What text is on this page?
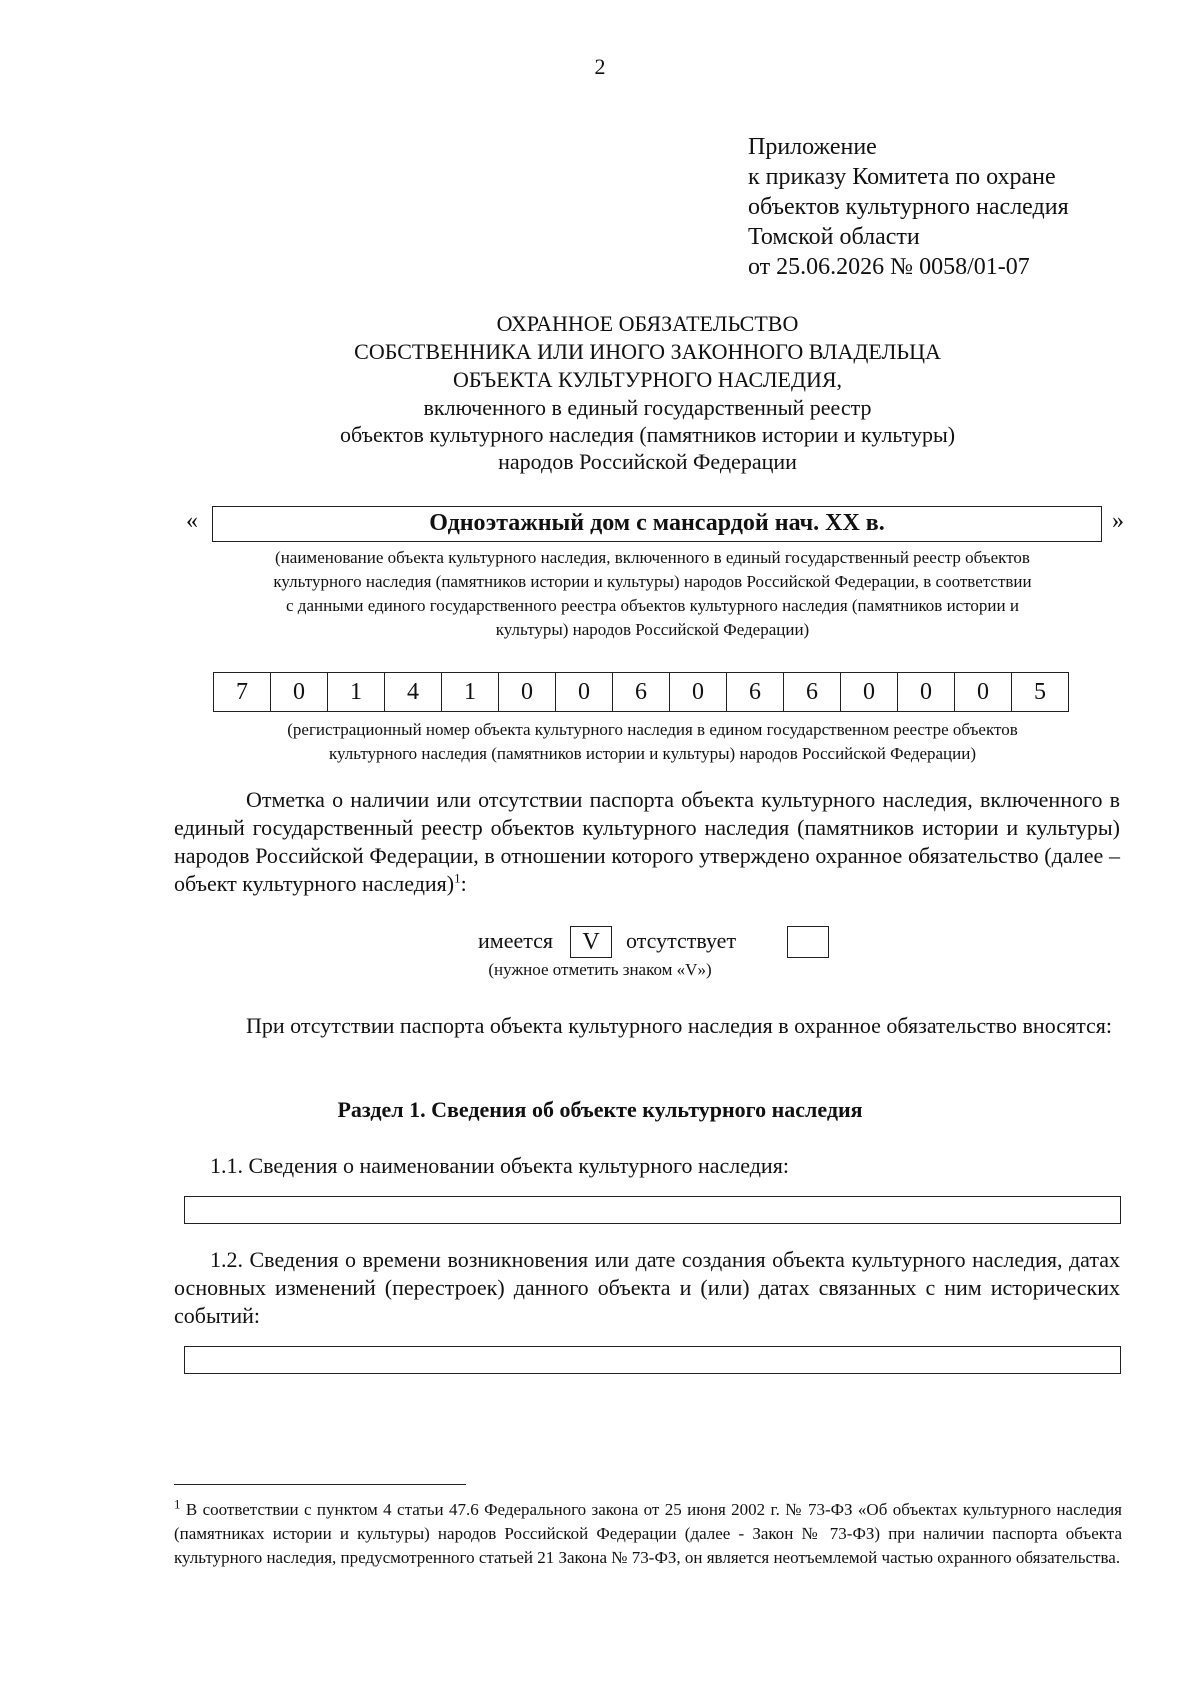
2
Приложение
к приказу Комитета по охране
объектов культурного наследия
Томской области
от 25.06.2026 № 0058/01-07
ОХРАННОЕ ОБЯЗАТЕЛЬСТВО
СОБСТВЕННИКА ИЛИ ИНОГО ЗАКОННОГО ВЛАДЕЛЬЦА
ОБЪЕКТА КУЛЬТУРНОГО НАСЛЕДИЯ,
включенного в единый государственный реестр
объектов культурного наследия (памятников истории и культуры)
народов Российской Федерации
«	Одноэтажный дом с мансардой нач. XX в.	»
(наименование объекта культурного наследия, включенного в единый государственный реестр объектов
культурного наследия (памятников истории и культуры) народов Российской Федерации, в соответствии
с данными единого государственного реестра объектов культурного наследия (памятников истории и
культуры) народов Российской Федерации)
7	0	1	4	1	0	0	6	0	6	6	0	0	0	5
(регистрационный номер объекта культурного наследия в едином государственном реестре объектов
культурного наследия (памятников истории и культуры) народов Российской Федерации)
Отметка о наличии или отсутствии паспорта объекта культурного наследия, включенного в единый государственный реестр объектов культурного наследия (памятников истории и культуры) народов Российской Федерации, в отношении которого утверждено охранное обязательство (далее – объект культурного наследия)$^1$:
имеется	V	отсутствует
(нужное отметить знаком «V»)
При отсутствии паспорта объекта культурного наследия в охранное обязательство вносятся:
Раздел 1. Сведения об объекте культурного наследия
1.1. Сведения о наименовании объекта культурного наследия:
1.2. Сведения о времени возникновения или дате создания объекта культурного наследия, датах основных изменений (перестроек) данного объекта и (или) датах связанных с ним исторических событий:
$^1$ В соответствии с пунктом 4 статьи 47.6 Федерального закона от 25 июня 2002 г. № 73-ФЗ «Об объектах культурного наследия (памятниках истории и культуры) народов Российской Федерации (далее - Закон № 73-ФЗ) при наличии паспорта объекта культурного наследия, предусмотренного статьей 21 Закона № 73-ФЗ, он является неотъемлемой частью охранного обязательства.
